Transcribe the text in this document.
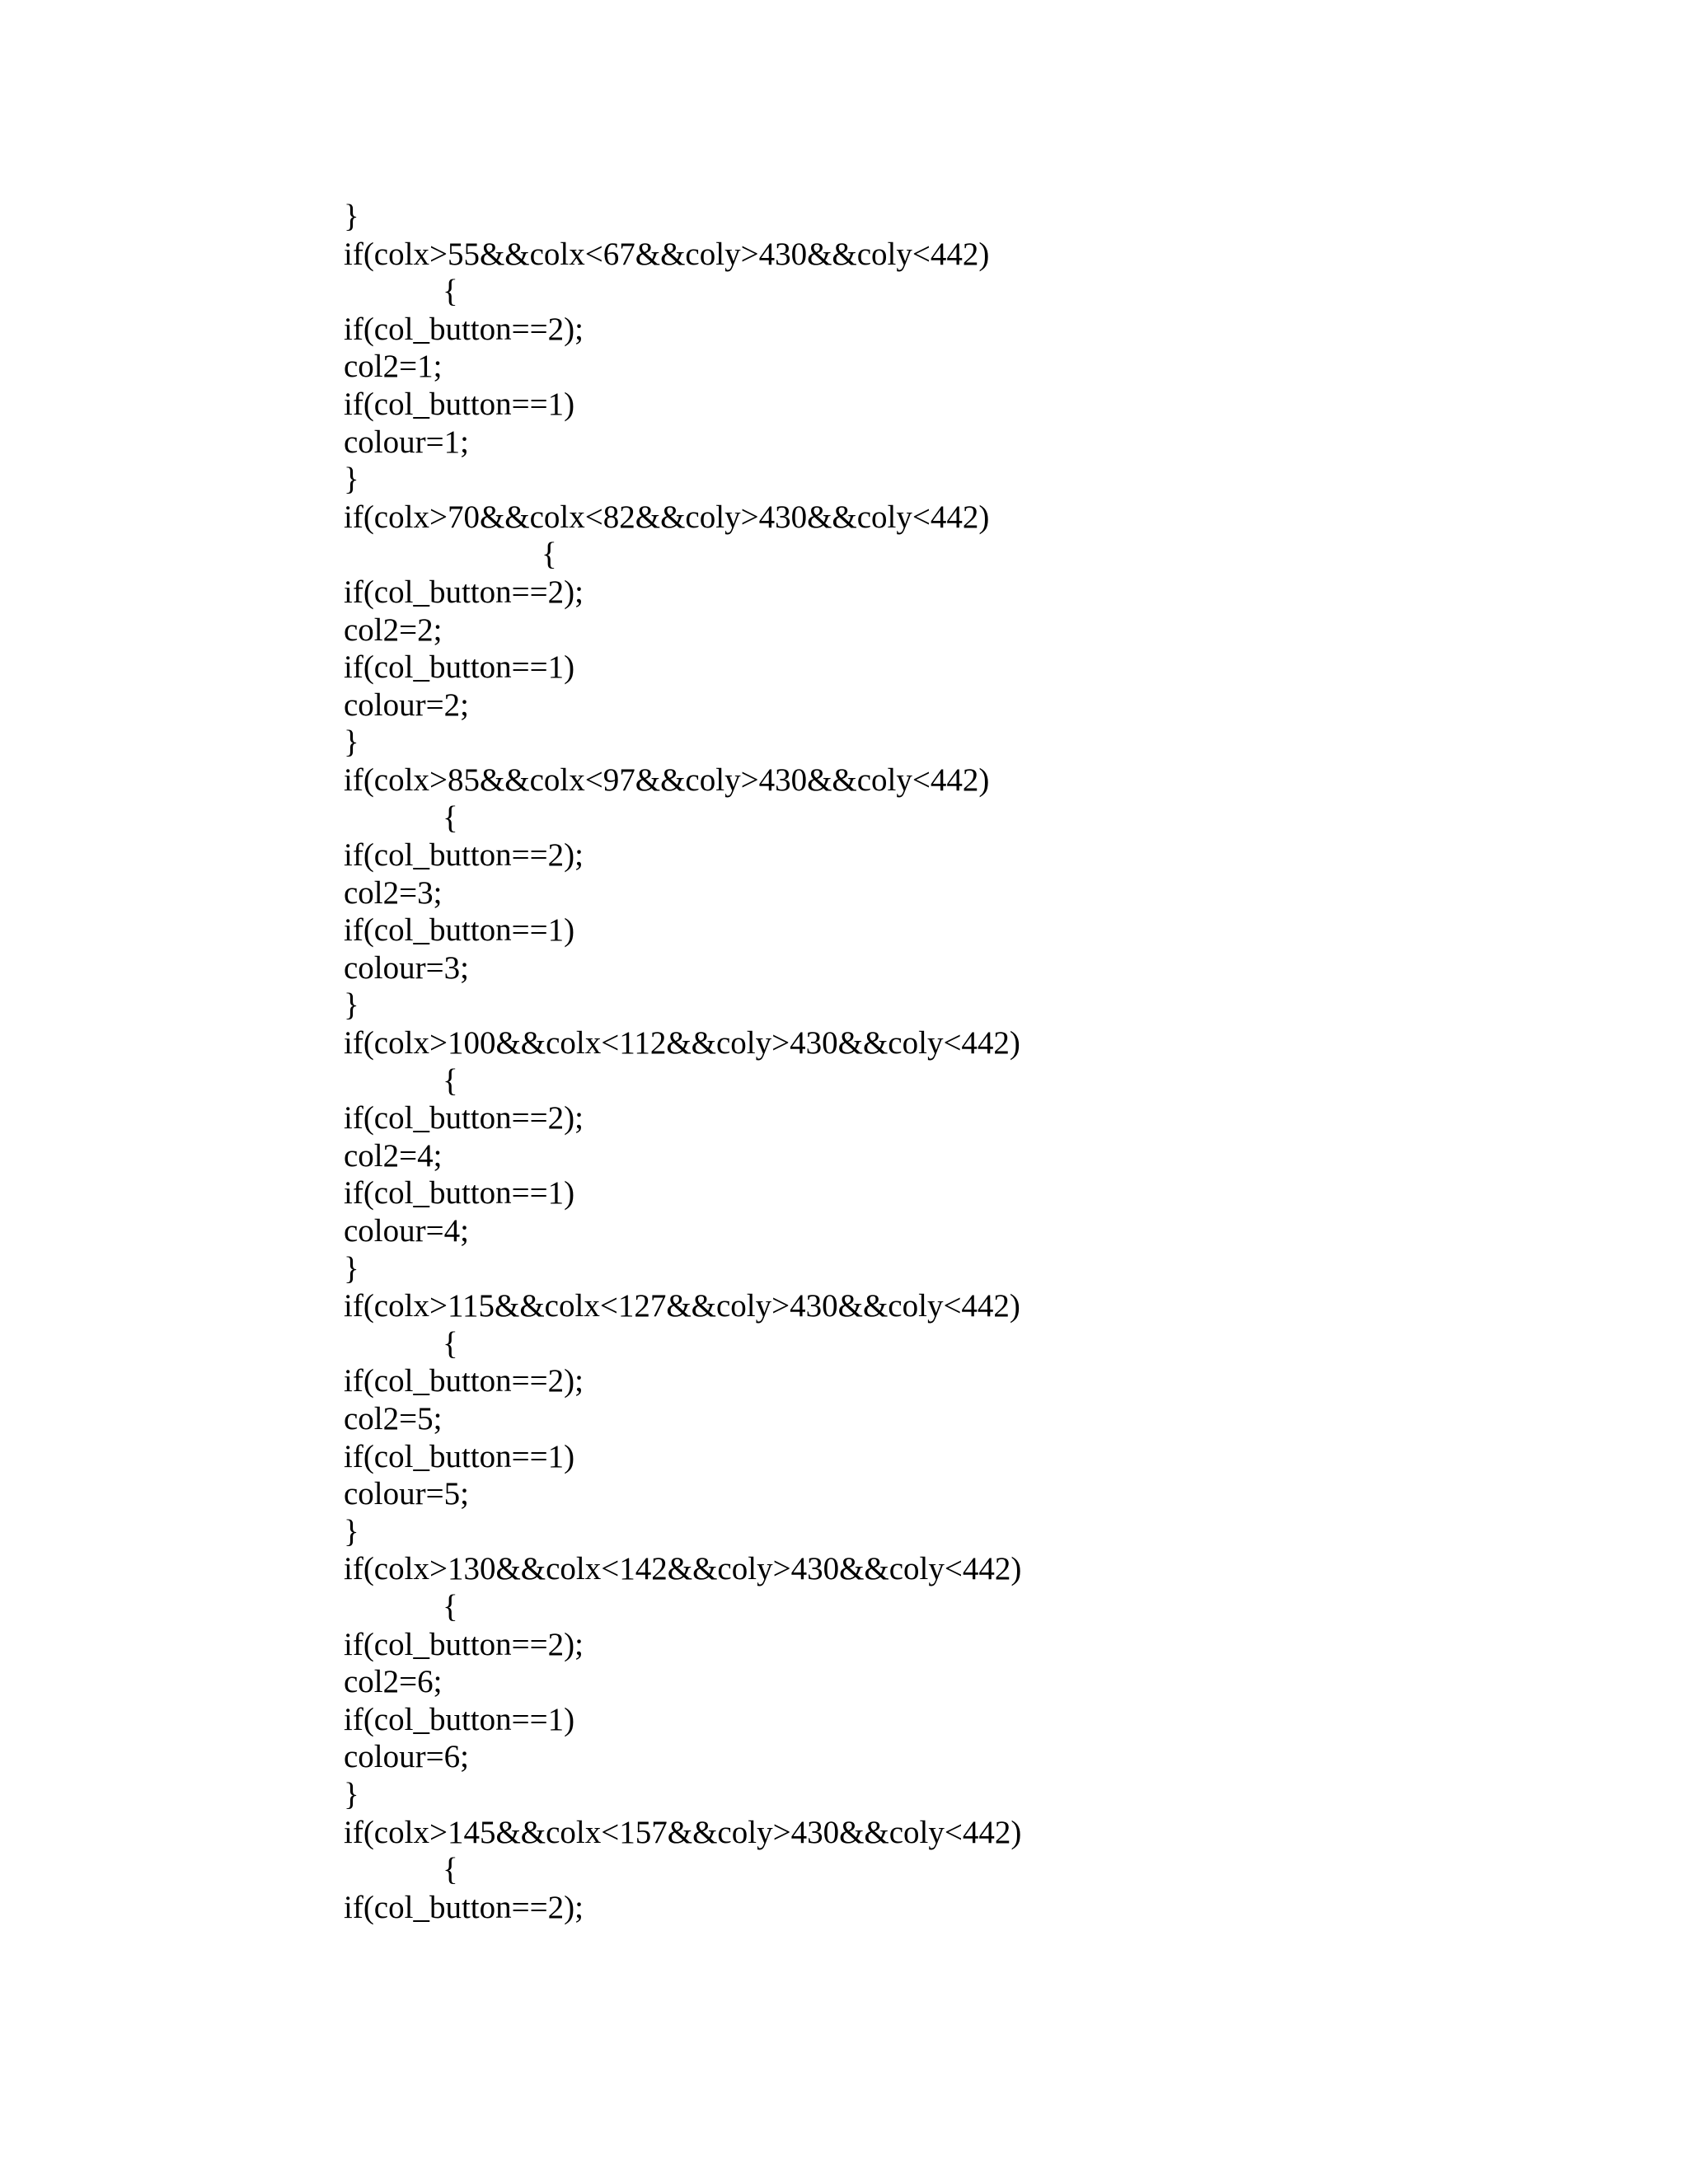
}
if(colx>55&&colx<67&&coly>430&&coly<442)
{
if(col_button==2);
col2=1;
if(col_button==1)
colour=1;
}
if(colx>70&&colx<82&&coly>430&&coly<442)
{
if(col_button==2);
col2=2;
if(col_button==1)
colour=2;
}
if(colx>85&&colx<97&&coly>430&&coly<442)
{
if(col_button==2);
col2=3;
if(col_button==1)
colour=3;
}
if(colx>100&&colx<112&&coly>430&&coly<442)
{
if(col_button==2);
col2=4;
if(col_button==1)
colour=4;
}
if(colx>115&&colx<127&&coly>430&&coly<442)
{
if(col_button==2);
col2=5;
if(col_button==1)
colour=5;
}
if(colx>130&&colx<142&&coly>430&&coly<442)
{
if(col_button==2);
col2=6;
if(col_button==1)
colour=6;
}
if(colx>145&&colx<157&&coly>430&&coly<442)
{
if(col_button==2);
